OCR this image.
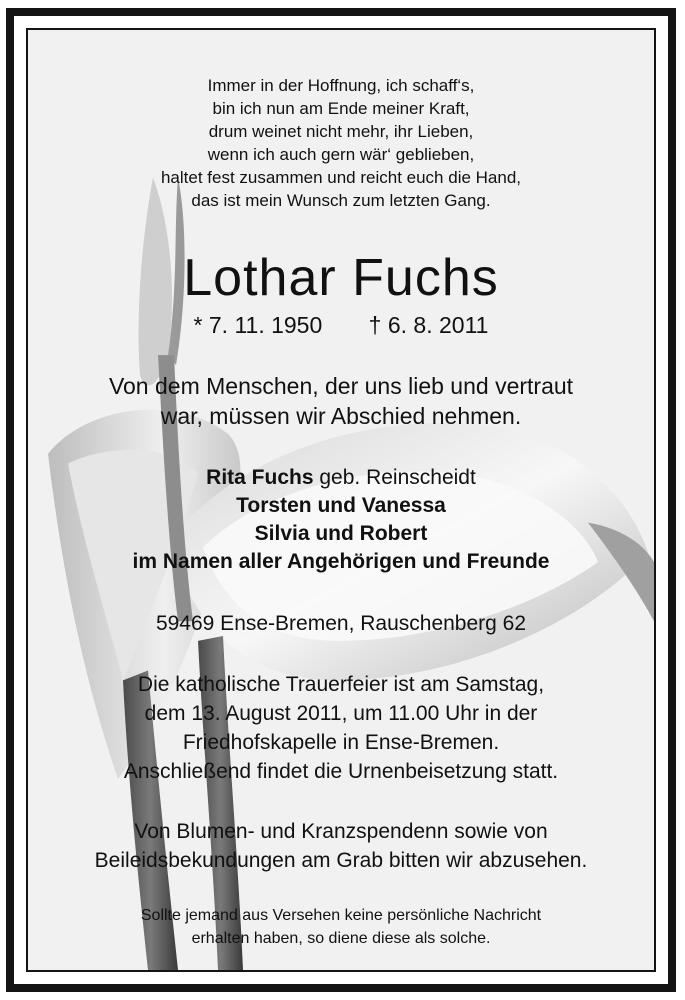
Immer in der Hoffnung, ich schaff‘s,
bin ich nun am Ende meiner Kraft,
drum weinet nicht mehr, ihr Lieben,
wenn ich auch gern wär‘ geblieben,
haltet fest zusammen und reicht euch die Hand,
das ist mein Wunsch zum letzten Gang.
Lothar Fuchs
* 7. 11. 1950 † 6. 8. 2011
Von dem Menschen, der uns lieb und vertraut
war, müssen wir Abschied nehmen.
Rita Fuchs geb. Reinscheidt
Torsten und Vanessa
Silvia und Robert
im Namen aller Angehörigen und Freunde
59469 Ense-Bremen, Rauschenberg 62
Die katholische Trauerfeier ist am Samstag,
dem 13. August 2011, um 11.00 Uhr in der
Friedhofskapelle in Ense-Bremen.
Anschließend findet die Urnenbeisetzung statt.
Von Blumen- und Kranzspendenn sowie von
Beileidsbekundungen am Grab bitten wir abzusehen.
Sollte jemand aus Versehen keine persönliche Nachricht
erhalten haben, so diene diese als solche.
